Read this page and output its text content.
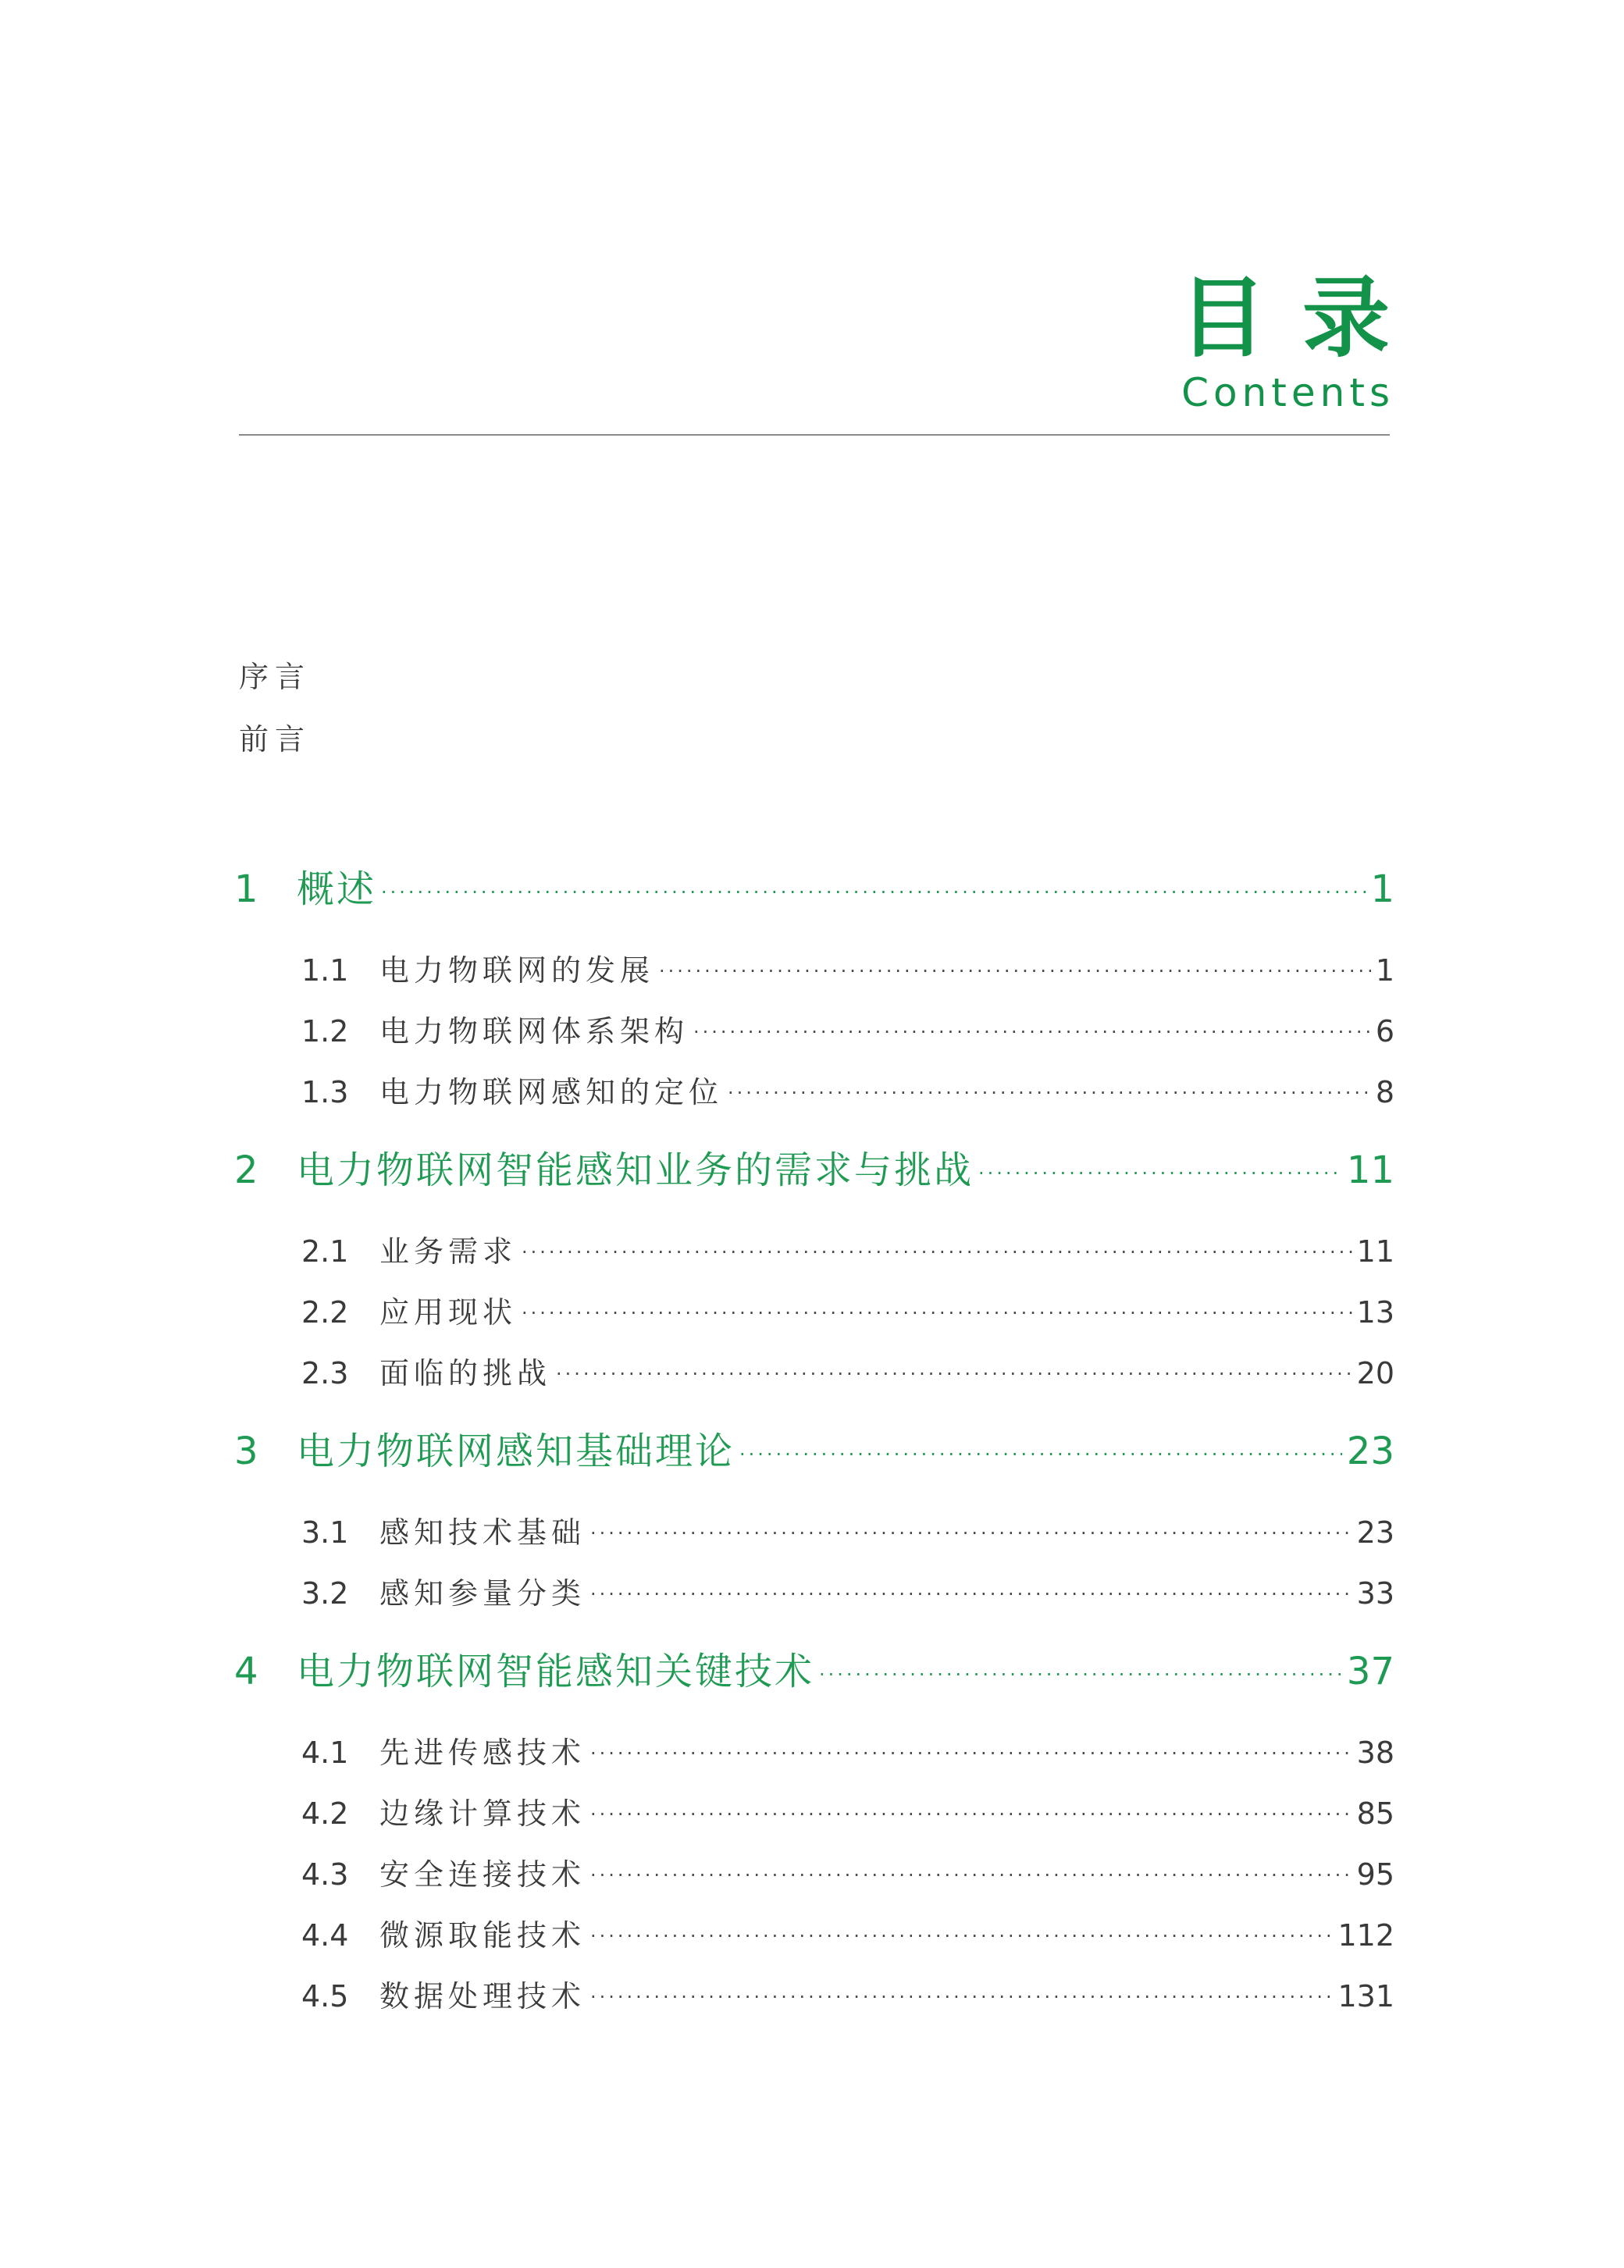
目录
Contents
序言
前言
1	概述 ·····	1
1.1	电力物联网的发展 ·····	1
1.2	电力物联网体系架构 ·····	6
1.3	电力物联网感知的定位 ·····	8
2	电力物联网智能感知业务的需求与挑战 ·····	11
2.1	业务需求 ·····	11
2.2	应用现状 ·····	13
2.3	面临的挑战 ·····	20
3	电力物联网感知基础理论 ·····	23
3.1	感知技术基础 ·····	23
3.2	感知参量分类 ·····	33
4	电力物联网智能感知关键技术 ·····	37
4.1	先进传感技术 ·····	38
4.2	边缘计算技术 ·····	85
4.3	安全连接技术 ·····	95
4.4	微源取能技术 ·····	112
4.5	数据处理技术 ·····	131
